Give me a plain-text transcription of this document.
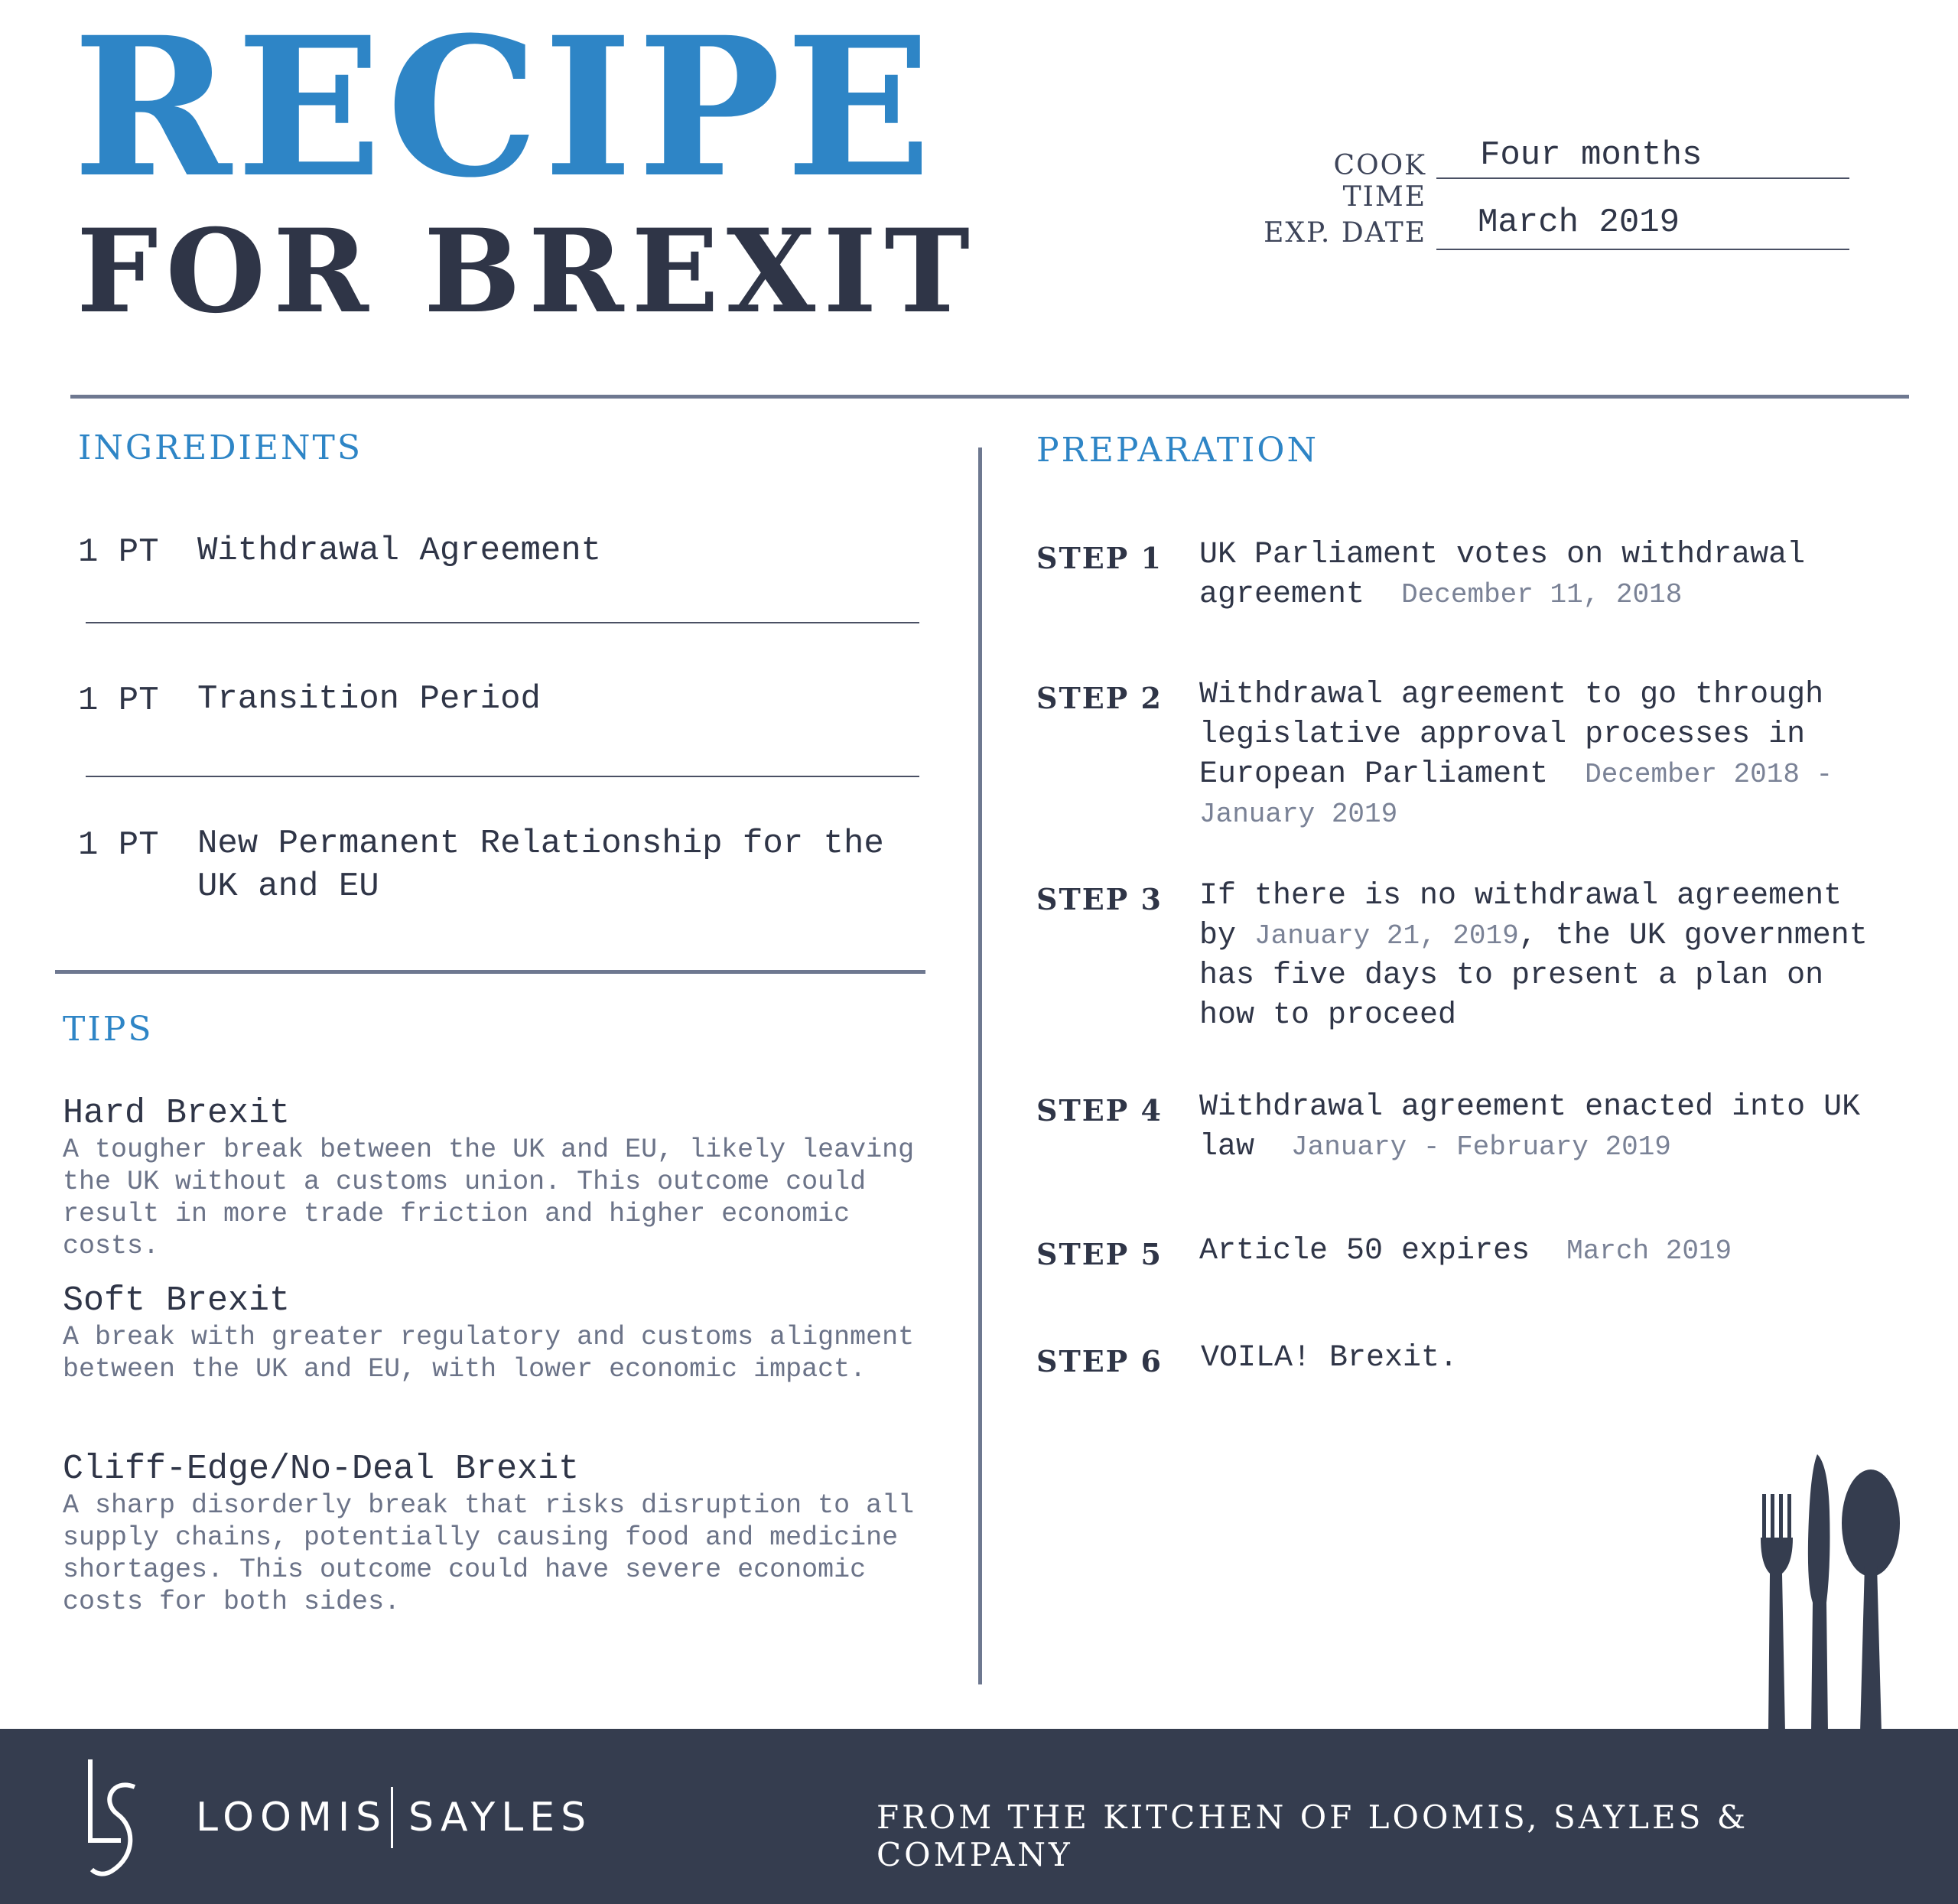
RECIPE
FOR BREXIT
COOK TIME
Four months
EXP. DATE March 2019
INGREDIENTS
1 PT Withdrawal Agreement
1 PT Transition Period
1 PT New Permanent Relationship for the UK and EU
TIPS
Hard Brexit
A tougher break between the UK and EU, likely leaving the UK without a customs union. This outcome could result in more trade friction and higher economic costs.
Soft Brexit
A break with greater regulatory and customs alignment between the UK and EU, with lower economic impact.
Cliff-Edge/No-Deal Brexit
A sharp disorderly break that risks disruption to all supply chains, potentially causing food and medicine shortages. This outcome could have severe economic costs for both sides.
PREPARATION
STEP 1 UK Parliament votes on withdrawal agreement December 11, 2018
STEP 2 Withdrawal agreement to go through legislative approval processes in European Parliament December 2018 - January 2019
STEP 3 If there is no withdrawal agreement by January 21, 2019, the UK government has five days to present a plan on how to proceed
STEP 4 Withdrawal agreement enacted into UK law January - February 2019
STEP 5 Article 50 expires March 2019
STEP 6 VOILA! Brexit.
LOOMIS SAYLES	FROM THE KITCHEN OF LOOMIS, SAYLES & COMPANY
